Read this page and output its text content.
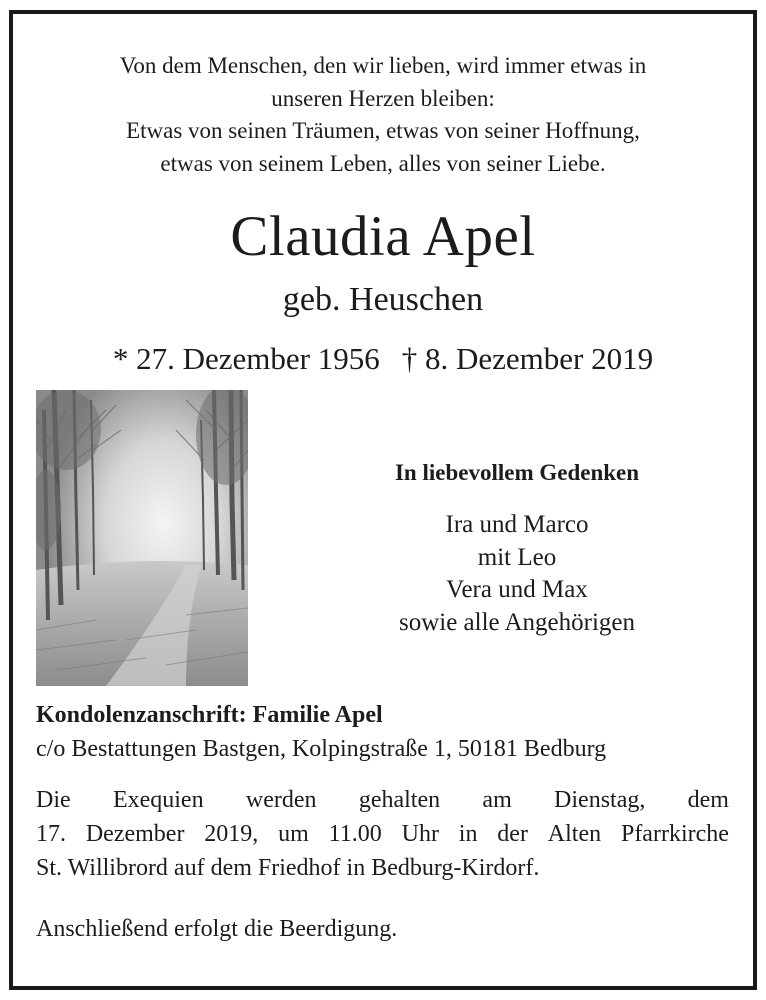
Von dem Menschen, den wir lieben, wird immer etwas in
unseren Herzen bleiben:
Etwas von seinen Träumen, etwas von seiner Hoffnung,
etwas von seinem Leben, alles von seiner Liebe.
Claudia Apel
geb. Heuschen
* 27. Dezember 1956 † 8. Dezember 2019
In liebevollem Gedenken
Ira und Marco
mit Leo
Vera und Max
sowie alle Angehörigen
Kondolenzanschrift: Familie Apel
c/o Bestattungen Bastgen, Kolpingstraße 1, 50181 Bedburg
Die Exequien werden gehalten am Dienstag, dem
17. Dezember 2019, um 11.00 Uhr in der Alten Pfarrkirche
St. Willibrord auf dem Friedhof in Bedburg-Kirdorf.
Anschließend erfolgt die Beerdigung.
